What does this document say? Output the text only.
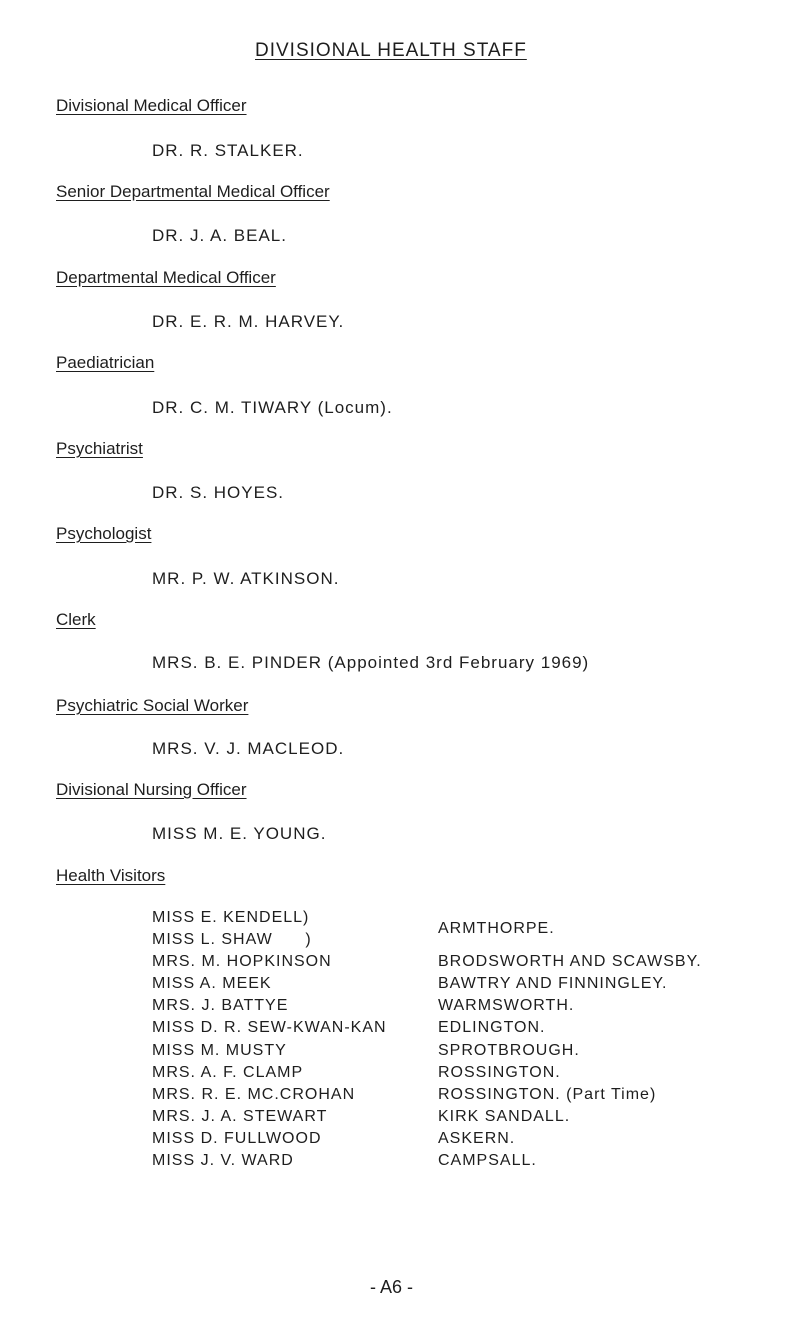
DIVISIONAL HEALTH STAFF
Divisional Medical Officer
DR. R. STALKER.
Senior Departmental Medical Officer
DR. J. A. BEAL.
Departmental Medical Officer
DR. E. R. M. HARVEY.
Paediatrician
DR. C. M. TIWARY (Locum).
Psychiatrist
DR. S. HOYES.
Psychologist
MR. P. W. ATKINSON.
Clerk
MRS. B. E. PINDER (Appointed 3rd February 1969)
Psychiatric Social Worker
MRS. V. J. MACLEOD.
Divisional Nursing Officer
MISS M. E. YOUNG.
Health Visitors
MISS E. KENDELL)
MISS L. SHAW      )
MRS. M. HOPKINSON
MISS A. MEEK
MRS. J. BATTYE
MISS D. R. SEW-KWAN-KAN
MISS M. MUSTY
MRS. A. F. CLAMP
MRS. R. E. MC.CROHAN
MRS. J. A. STEWART
MISS D. FULLWOOD
MISS J. V. WARD
ARMTHORPE.
BRODSWORTH AND SCAWSBY.
BAWTRY AND FINNINGLEY.
WARMSWORTH.
EDLINGTON.
SPROTBROUGH.
ROSSINGTON.
ROSSINGTON. (Part Time)
KIRK SANDALL.
ASKERN.
CAMPSALL.
- A6 -
